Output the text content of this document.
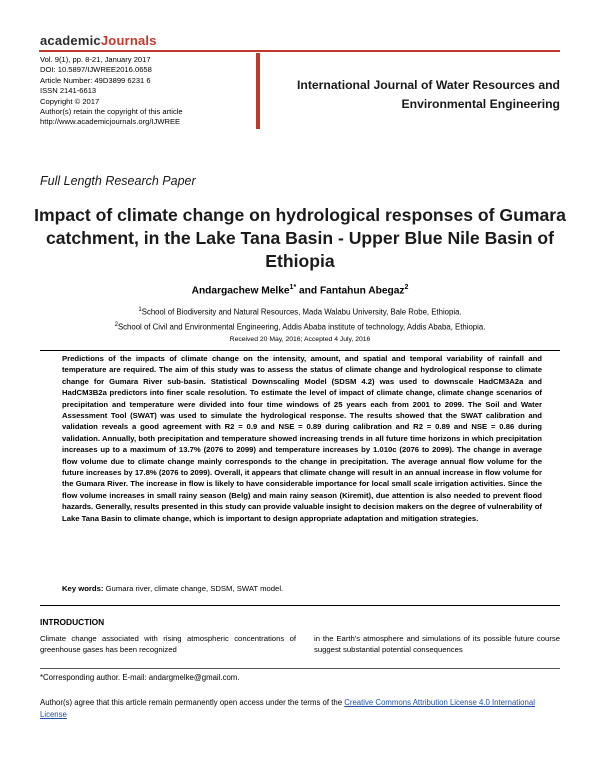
academicJournals
Vol. 9(1), pp. 8-21, January 2017
DOI: 10.5897/IJWREE2016.0658
Article Number: 49D3899 6231 6
ISSN 2141-6613
Copyright © 2017
Author(s) retain the copyright of this article
http://www.academicjournals.org/IJWREE
International Journal of Water Resources and Environmental Engineering
Full Length Research Paper
Impact of climate change on hydrological responses of Gumara catchment, in the Lake Tana Basin - Upper Blue Nile Basin of Ethiopia
Andargachew Melke$^{1*}$ and Fantahun Abegaz$^2$
$^1$School of Biodiversity and Natural Resources, Mada Walabu University, Bale Robe, Ethiopia.
$^2$School of Civil and Environmental Engineering, Addis Ababa institute of technology, Addis Ababa, Ethiopia.
Received 20 May, 2016; Accepted 4 July, 2016
Predictions of the impacts of climate change on the intensity, amount, and spatial and temporal variability of rainfall and temperature are required. The aim of this study was to assess the status of climate change and hydrological response to climate change for Gumara River sub-basin. Statistical Downscaling Model (SDSM 4.2) was used to downscale HadCM3A2a and HadCM3B2a predictors into finer scale resolution. To estimate the level of impact of climate change, climate change scenarios of precipitation and temperature were divided into four time windows of 25 years each from 2001 to 2099. The Soil and Water Assessment Tool (SWAT) was used to simulate the hydrological response. The results showed that the SWAT calibration and validation reveals a good agreement with R2 = 0.9 and NSE = 0.89 during calibration and R2 = 0.89 and NSE = 0.86 during validation. Annually, both precipitation and temperature showed increasing trends in all future time horizons in which precipitation increases up to a maximum of 13.7% (2076 to 2099) and temperature increases by 1.010c (2076 to 2099). The change in average flow volume due to climate change mainly corresponds to the change in precipitation. The average annual flow volume for the future increases by 17.8% (2076 to 2099). Overall, it appears that climate change will result in an annual increase in flow volume for the Gumara River. The increase in flow is likely to have considerable importance for local small scale irrigation activities. Since the flow volume increases in small rainy season (Belg) and main rainy season (Kiremit), due attention is also needed to prevent flood hazards. Generally, results presented in this study can provide valuable insight to decision makers on the degree of vulnerability of Lake Tana Basin to climate change, which is important to design appropriate adaptation and mitigation strategies.
Key words: Gumara river, climate change, SDSM, SWAT model.
INTRODUCTION
Climate change associated with rising atmospheric concentrations of greenhouse gases has been recognized
in the Earth's atmosphere and simulations of its possible future course suggest substantial potential consequences
*Corresponding author. E-mail: andargmelke@gmail.com.
Author(s) agree that this article remain permanently open access under the terms of the Creative Commons Attribution License 4.0 International License
